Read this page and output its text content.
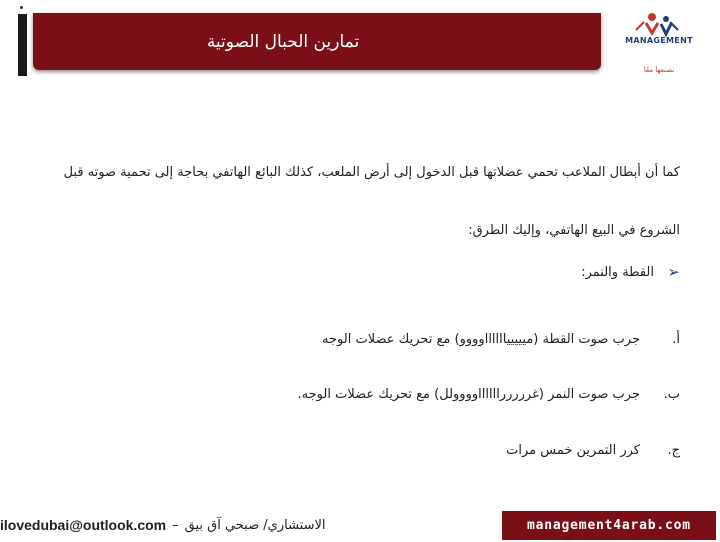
تمارين الحبال الصوتية	MANAGEMENT
نصنعها معًا
كما أن أبطال الملاعب تحمي عضلاتها قبل الدخول إلى أرض الملعب، كذلك البائع الهاتفي بحاجة إلى تحمية صوته قبل
الشروع في البيع الهاتفي، وإليك الطرق:
➢
القطة والنمر:
أ.
جرب صوت القطة (ميييييااااااوووو) مع تحريك عضلات الوجه
ب.
جرب صوت النمر (غرررررااااااوووولل) مع تحريك عضلات الوجه.
ج.
كرر التمرين خمس مرات
الاستشاري/ صبحي آق بيق
–
ilovedubai@outlook.com	management4arab.com
